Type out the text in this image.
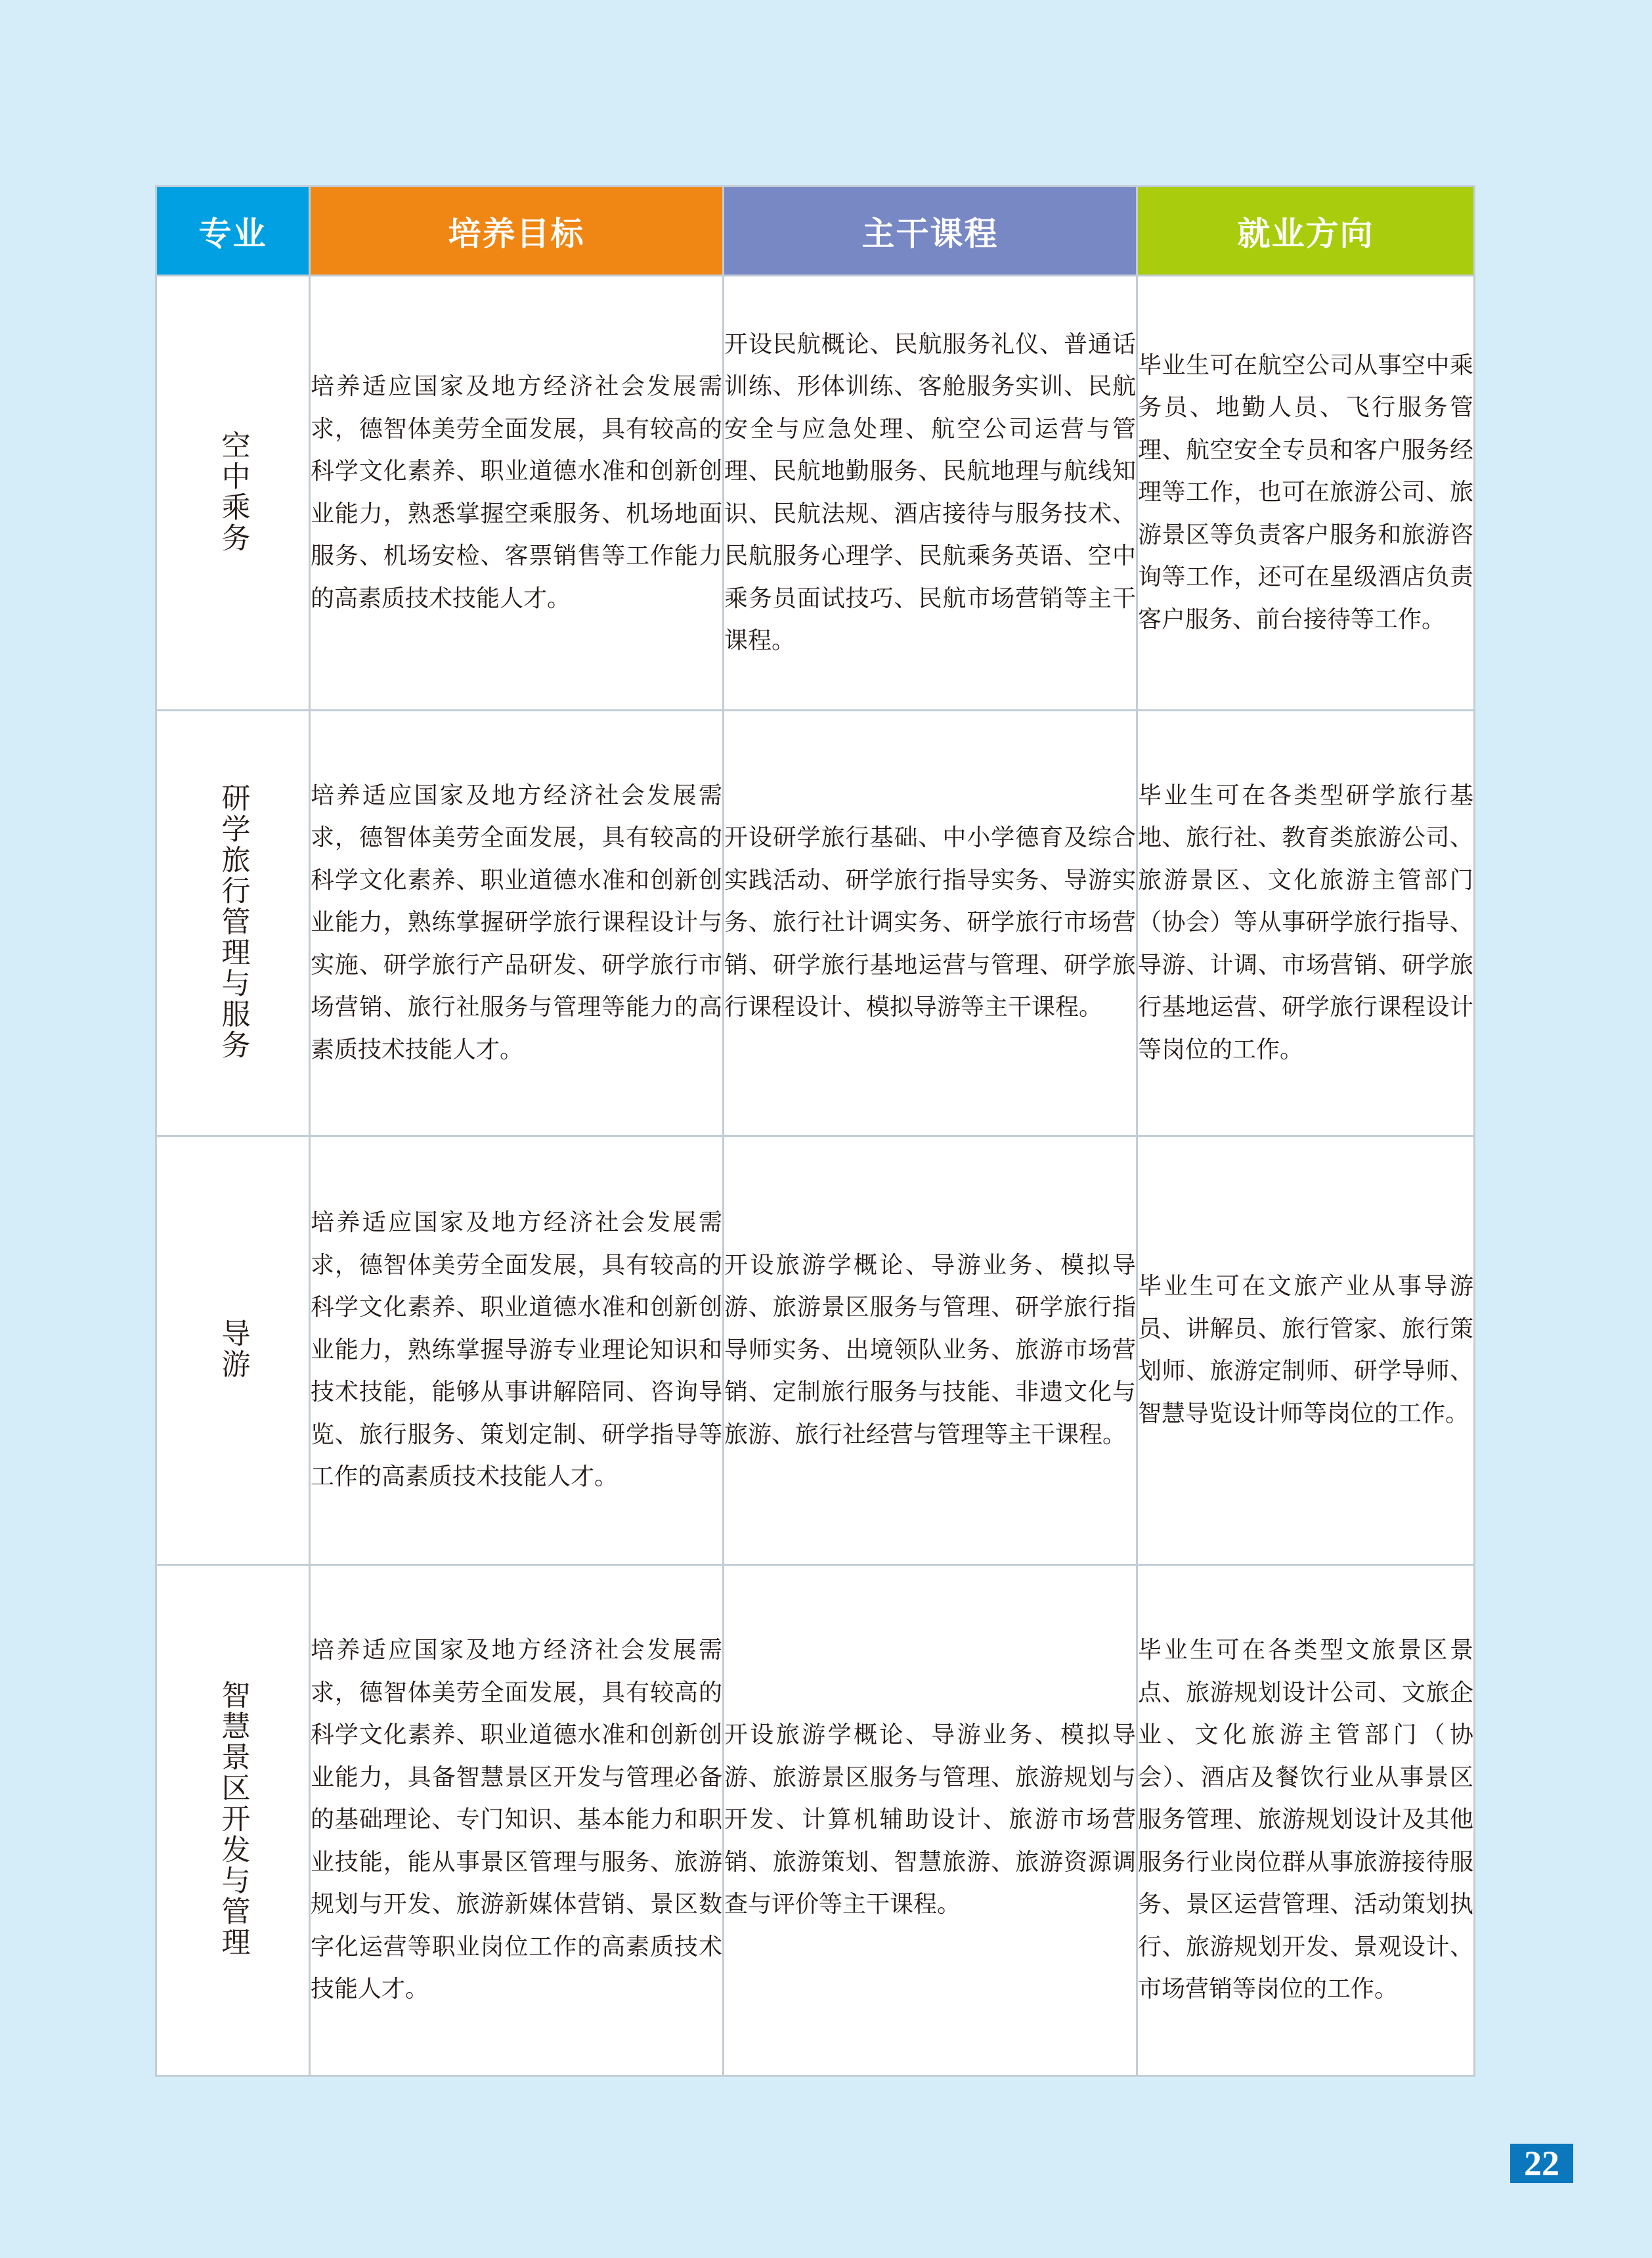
专业	培养目标	主干课程	就业方向
空中乘务	培养适应国家及地方经济社会发展需求，德智体美劳全面发展，具有较高的科学文化素养、职业道德水准和创新创业能力，熟悉掌握空乘服务、机场地面服务、机场安检、客票销售等工作能力的高素质技术技能人才。	开设民航概论、民航服务礼仪、普通话训练、形体训练、客舱服务实训、民航安全与应急处理、航空公司运营与管理、民航地勤服务、民航地理与航线知识、民航法规、酒店接待与服务技术、民航服务心理学、民航乘务英语、空中乘务员面试技巧、民航市场营销等主干课程。	毕业生可在航空公司从事空中乘务员、地勤人员、飞行服务管理、航空安全专员和客户服务经理等工作，也可在旅游公司、旅游景区等负责客户服务和旅游咨询等工作，还可在星级酒店负责客户服务、前台接待等工作。
研学旅行管理与服务	培养适应国家及地方经济社会发展需求，德智体美劳全面发展，具有较高的科学文化素养、职业道德水准和创新创业能力，熟练掌握研学旅行课程设计与实施、研学旅行产品研发、研学旅行市场营销、旅行社服务与管理等能力的高素质技术技能人才。	开设研学旅行基础、中小学德育及综合实践活动、研学旅行指导实务、导游实务、旅行社计调实务、研学旅行市场营销、研学旅行基地运营与管理、研学旅行课程设计、模拟导游等主干课程。	毕业生可在各类型研学旅行基地、旅行社、教育类旅游公司、旅游景区、文化旅游主管部门（协会）等从事研学旅行指导、导游、计调、市场营销、研学旅行基地运营、研学旅行课程设计等岗位的工作。
导游	培养适应国家及地方经济社会发展需求，德智体美劳全面发展，具有较高的科学文化素养、职业道德水准和创新创业能力，熟练掌握导游专业理论知识和技术技能，能够从事讲解陪同、咨询导览、旅行服务、策划定制、研学指导等工作的高素质技术技能人才。	开设旅游学概论、导游业务、模拟导游、旅游景区服务与管理、研学旅行指导师实务、出境领队业务、旅游市场营销、定制旅行服务与技能、非遗文化与旅游、旅行社经营与管理等主干课程。	毕业生可在文旅产业从事导游员、讲解员、旅行管家、旅行策划师、旅游定制师、研学导师、智慧导览设计师等岗位的工作。
智慧景区开发与管理	培养适应国家及地方经济社会发展需求，德智体美劳全面发展，具有较高的科学文化素养、职业道德水准和创新创业能力，具备智慧景区开发与管理必备的基础理论、专门知识、基本能力和职业技能，能从事景区管理与服务、旅游规划与开发、旅游新媒体营销、景区数字化运营等职业岗位工作的高素质技术技能人才。	开设旅游学概论、导游业务、模拟导游、旅游景区服务与管理、旅游规划与开发、计算机辅助设计、旅游市场营销、旅游策划、智慧旅游、旅游资源调查与评价等主干课程。	毕业生可在各类型文旅景区景点、旅游规划设计公司、文旅企业、文化旅游主管部门（协会）、酒店及餐饮行业从事景区服务管理、旅游规划设计及其他服务行业岗位群从事旅游接待服务、景区运营管理、活动策划执行、旅游规划开发、景观设计、市场营销等岗位的工作。
22
